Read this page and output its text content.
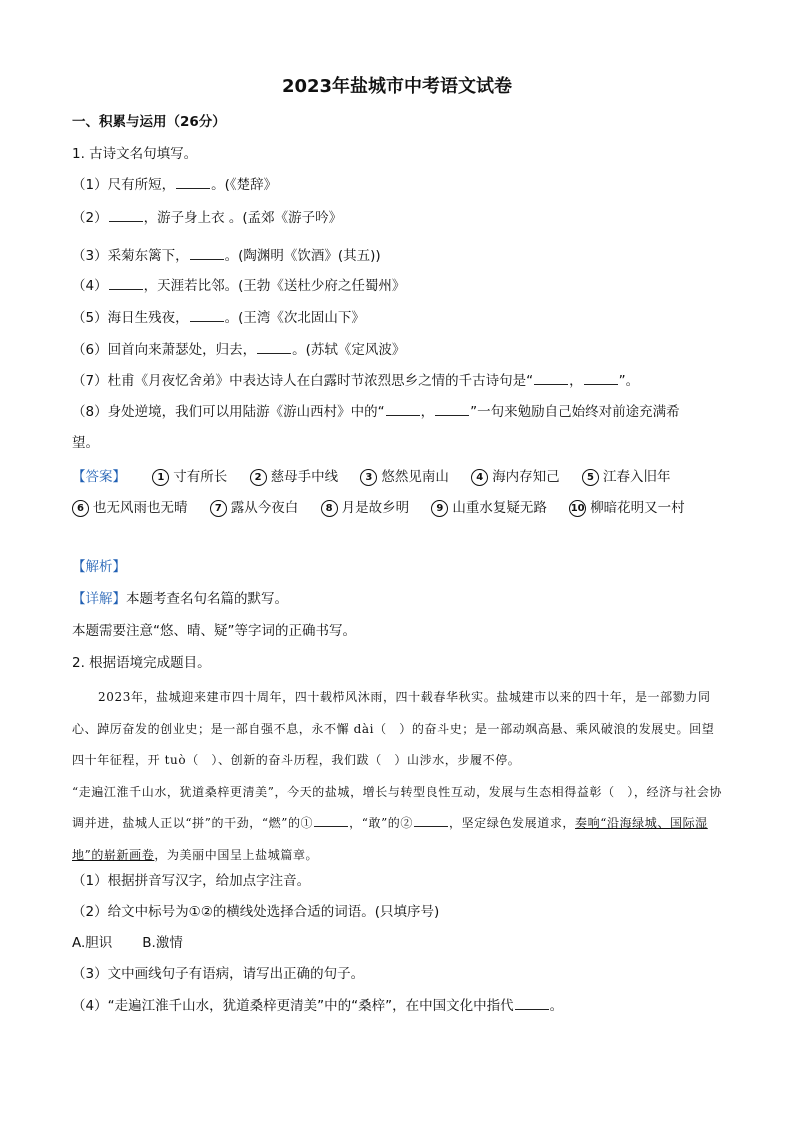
2023年盐城市中考语文试卷
一、积累与运用（26分）
1. 古诗文名句填写。
（1）尺有所短，	。(《楚辞》
（2）	，游子身上衣 。(孟郊《游子吟》
（3）采菊东篱下，	。(陶渊明《饮酒》(其五))
（4）	，天涯若比邻。(王勃《送杜少府之任蜀州》
（5）海日生残夜，	。(王湾《次北固山下》
（6）回首向来萧瑟处，归去，	。(苏轼《定风波》
（7）杜甫《月夜忆舍弟》中表达诗人在白露时节浓烈思乡之情的千古诗句是“	，	”。
（8）身处逆境，我们可以用陆游《游山西村》中的“	，	”一句来勉励自己始终对前途充满希
望。
【答案】	1 寸有所长	2 慈母手中线	3 悠然见南山	4 海内存知己	5 江春入旧年 6 也无风雨也无晴	7 露从今夜白	8 月是故乡明	9 山重水复疑无路 10 柳暗花明又一村
【解析】
【详解】本题考查名句名篇的默写。
本题需要注意“悠、晴、疑”等字词的正确书写。
2. 根据语境完成题目。
2023年，盐城迎来建市四十周年，四十载栉风沐雨，四十载春华秋实。盐城建市以来的四十年，是一部勠力同心、踔厉奋发的创业史；是一部自强不息，永不懈 dài（　）的奋斗史；是一部动飒高悬、乘风破浪的发展史。回望四十年征程，开 tuò（　）、创新的奋斗历程，我们跋（　）山涉水，步履不停。
“走遍江淮千山水，犹道桑梓更清美”，今天的盐城，增长与转型良性互动，发展与生态相得益彰（　），经济与社会协调并进，盐城人正以“拼”的干劲，“燃”的①	，“敢”的②	，坚定绿色发展道求，奏响“沿海绿城、国际湿地”的崭新画卷，为美丽中国呈上盐城篇章。
（1）根据拼音写汉字，给加点字注音。
（2）给文中标号为①②的横线处选择合适的词语。(只填序号)
A.胆识 B.激情
（3）文中画线句子有语病，请写出正确的句子。
（4）“走遍江淮千山水，犹道桑梓更清美”中的“桑梓”，在中国文化中指代	。
